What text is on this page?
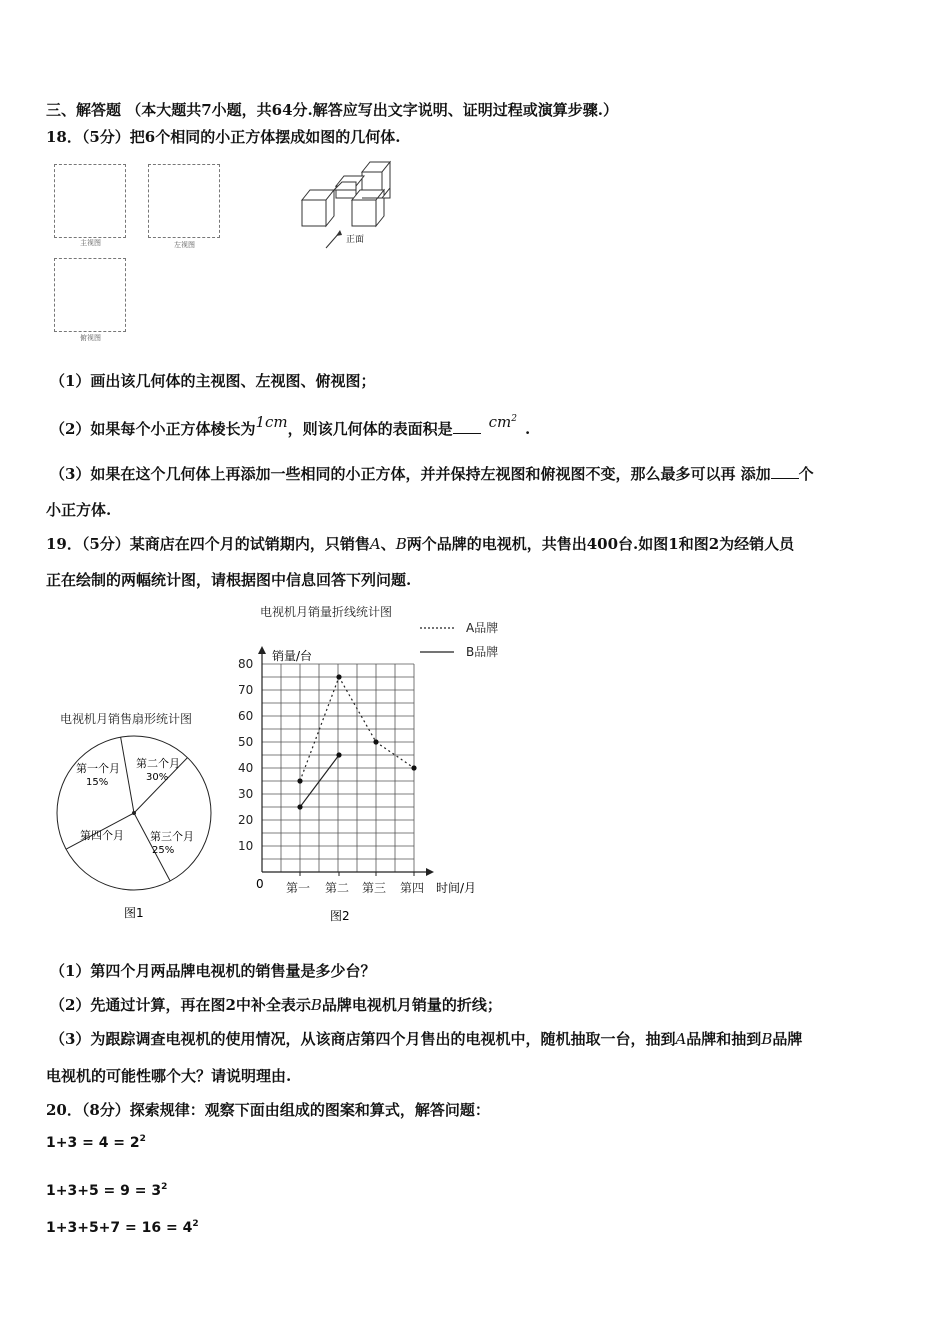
三、解答题 （本大题共7小题，共64分.解答应写出文字说明、证明过程或演算步骤.）
18．（5分）把6个相同的小正方体摆成如图的几何体.
主视图	左视图
俯视图
正面
（1）画出该几何体的主视图、左视图、俯视图；
（2）如果每个小正方体棱长为1cm，则该几何体的表面积是 $cm^2$.
（3）如果在这个几何体上再添加一些相同的小正方体，并并保持左视图和俯视图不变，那么最多可以再 添加 个
小正方体.
19．（5分）某商店在四个月的试销期内，只销售A、B两个品牌的电视机，共售出400台.如图1和图2为经销人员
正在绘制的两幅统计图，请根据图中信息回答下列问题.
电视机月销售扇形统计图
第一个月
15%
第二个月
30%
第三个月
25%
第四个月
图1
电视机月销量折线统计图
A品牌
B品牌
10
20
30
40
50
60
70
80
第一 第二 第三 第四
销量/台
0	时间/月
图2
（1）第四个月两品牌电视机的销售量是多少台？
（2）先通过计算，再在图2中补全表示B品牌电视机月销量的折线；
（3）为跟踪调查电视机的使用情况，从该商店第四个月售出的电视机中，随机抽取一台，抽到A品牌和抽到B品牌
电视机的可能性哪个大？请说明理由.
20．（8分）探索规律：观察下面由组成的图案和算式，解答问题：
$1+3 = 4 = 2^2$
$1+3+5 = 9 = 3^2$
$1+3+5+7 = 16 = 4^2$
